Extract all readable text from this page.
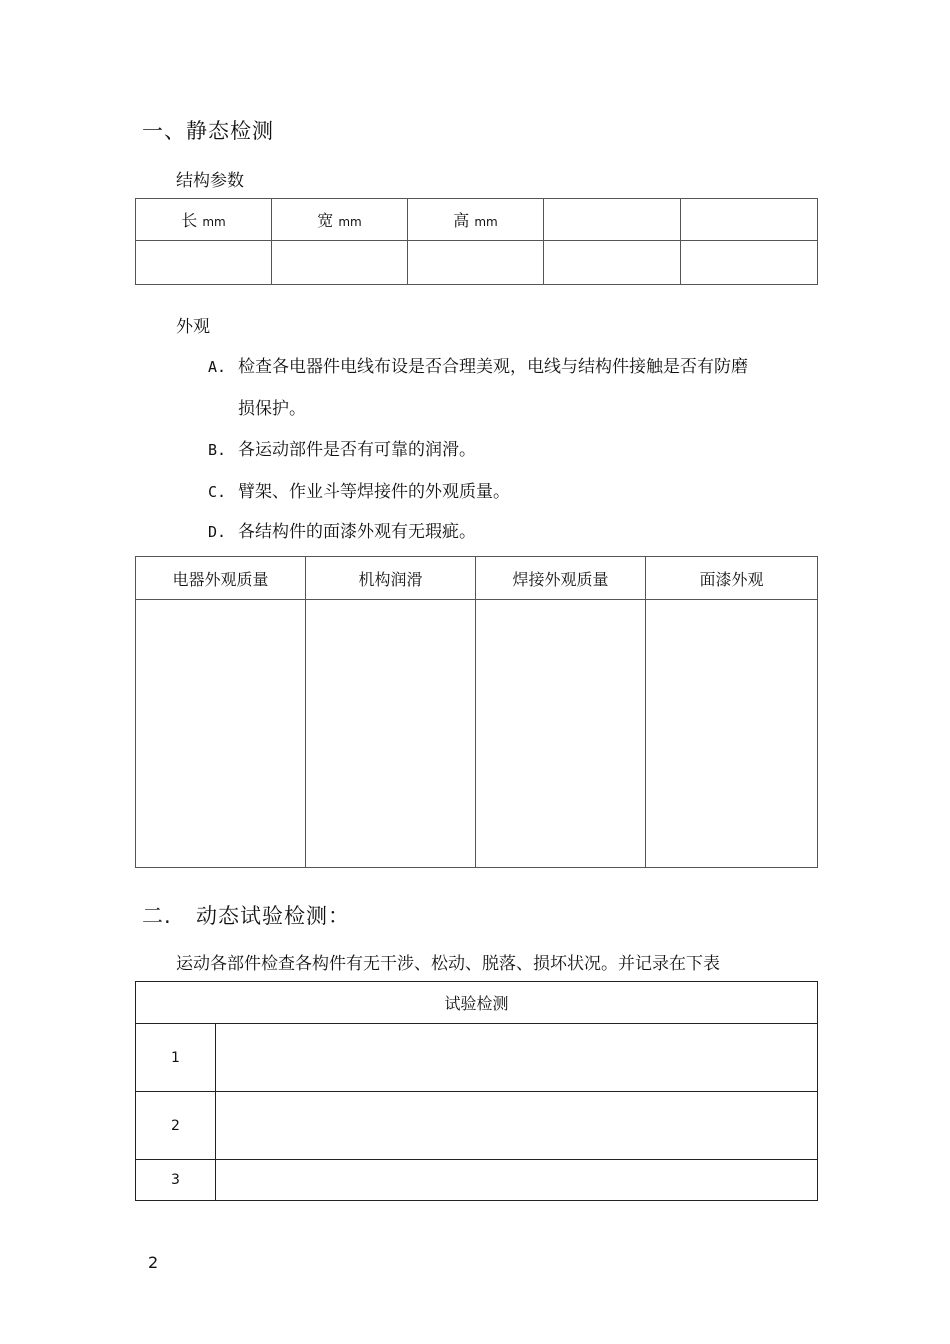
一、静态检测
结构参数
长 mm	宽 mm	高 mm		

外观
A. 检查各电器件电线布设是否合理美观，电线与结构件接触是否有防磨
损保护。
B. 各运动部件是否有可靠的润滑。
C. 臂架、作业斗等焊接件的外观质量。
D. 各结构件的面漆外观有无瑕疵。
电器外观质量	机构润滑	焊接外观质量	面漆外观

二. 动态试验检测：
运动各部件检查各构件有无干涉、松动、脱落、损坏状况。并记录在下表
试验检测	
1	
2	
3	
2
